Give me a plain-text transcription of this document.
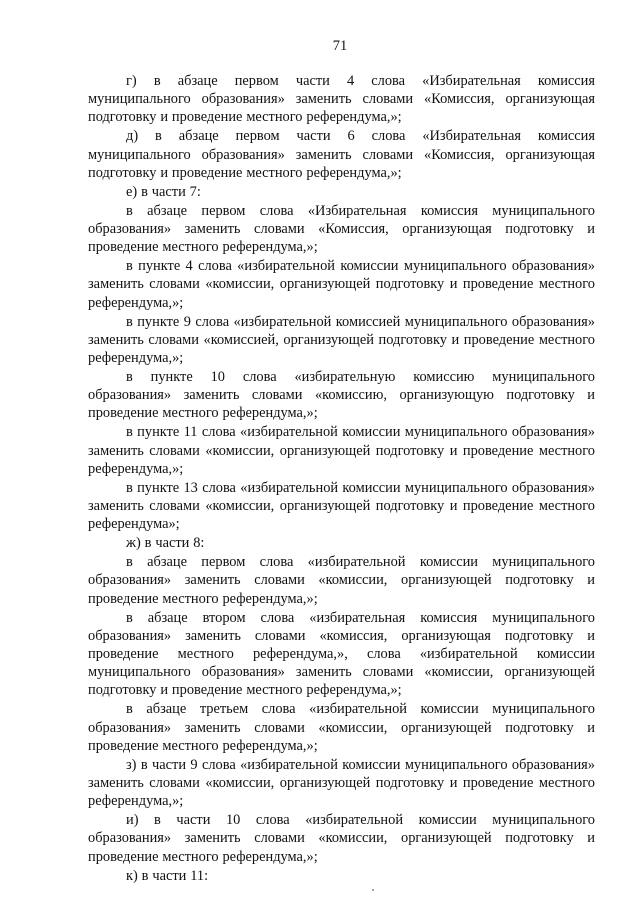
71

г) в абзаце первом части 4 слова «Избирательная комиссия муниципального образования» заменить словами «Комиссия, организующая подготовку и проведение местного референдума,»;

д) в абзаце первом части 6 слова «Избирательная комиссия муниципального образования» заменить словами «Комиссия, организующая подготовку и проведение местного референдума,»;

е) в части 7:

в абзаце первом слова «Избирательная комиссия муниципального образования» заменить словами «Комиссия, организующая подготовку и проведение местного референдума,»;

в пункте 4 слова «избирательной комиссии муниципального образования» заменить словами «комиссии, организующей подготовку и проведение местного референдума,»;

в пункте 9 слова «избирательной комиссией муниципального образования» заменить словами «комиссией, организующей подготовку и проведение местного референдума,»;

в пункте 10 слова «избирательную комиссию муниципального образования» заменить словами «комиссию, организующую подготовку и проведение местного референдума,»;

в пункте 11 слова «избирательной комиссии муниципального образования» заменить словами «комиссии, организующей подготовку и проведение местного референдума,»;

в пункте 13 слова «избирательной комиссии муниципального образования» заменить словами «комиссии, организующей подготовку и проведение местного референдума»;

ж) в части 8:

в абзаце первом слова «избирательной комиссии муниципального образования» заменить словами «комиссии, организующей подготовку и проведение местного референдума,»;

в абзаце втором слова «избирательная комиссия муниципального образования» заменить словами «комиссия, организующая подготовку и проведение местного референдума,», слова «избирательной комиссии муниципального образования» заменить словами «комиссии, организующей подготовку и проведение местного референдума,»;

в абзаце третьем слова «избирательной комиссии муниципального образования» заменить словами «комиссии, организующей подготовку и проведение местного референдума,»;

з) в части 9 слова «избирательной комиссии муниципального образования» заменить словами «комиссии, организующей подготовку и проведение местного референдума,»;

и) в части 10 слова «избирательной комиссии муниципального образования» заменить словами «комиссии, организующей подготовку и проведение местного референдума,»;

к) в части 11:
